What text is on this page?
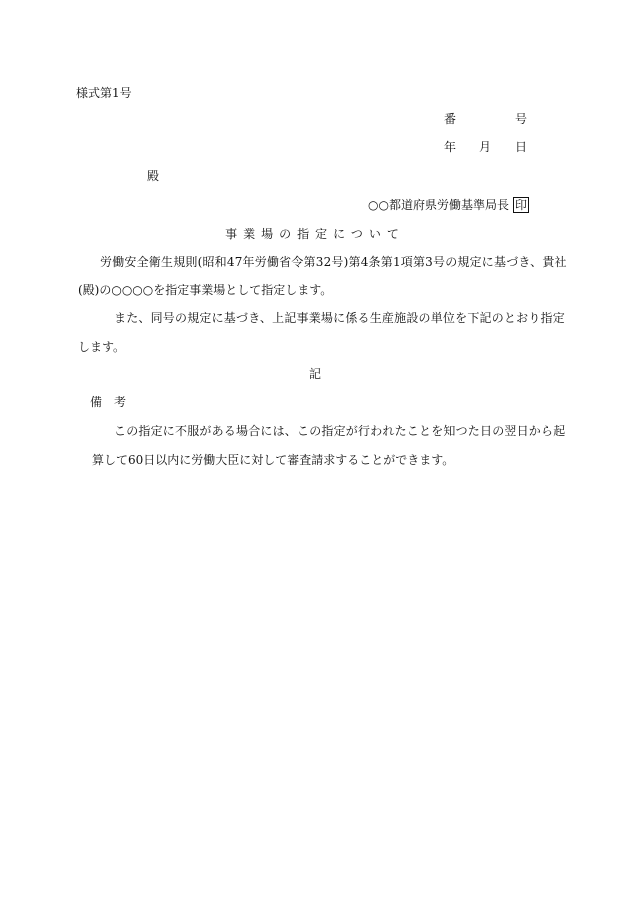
様式第1号
番	号
年 月 日
殿
○○都道府県労働基準局長 印
事業場の指定について
労働安全衛生規則(昭和47年労働省令第32号)第4条第1項第3号の規定に基づき、貴社
(殿)の○○○○を指定事業場として指定します。
また、同号の規定に基づき、上記事業場に係る生産施設の単位を下記のとおり指定
します。
記
備考
この指定に不服がある場合には、この指定が行われたことを知つた日の翌日から起
算して60日以内に労働大臣に対して審査請求することができます。
